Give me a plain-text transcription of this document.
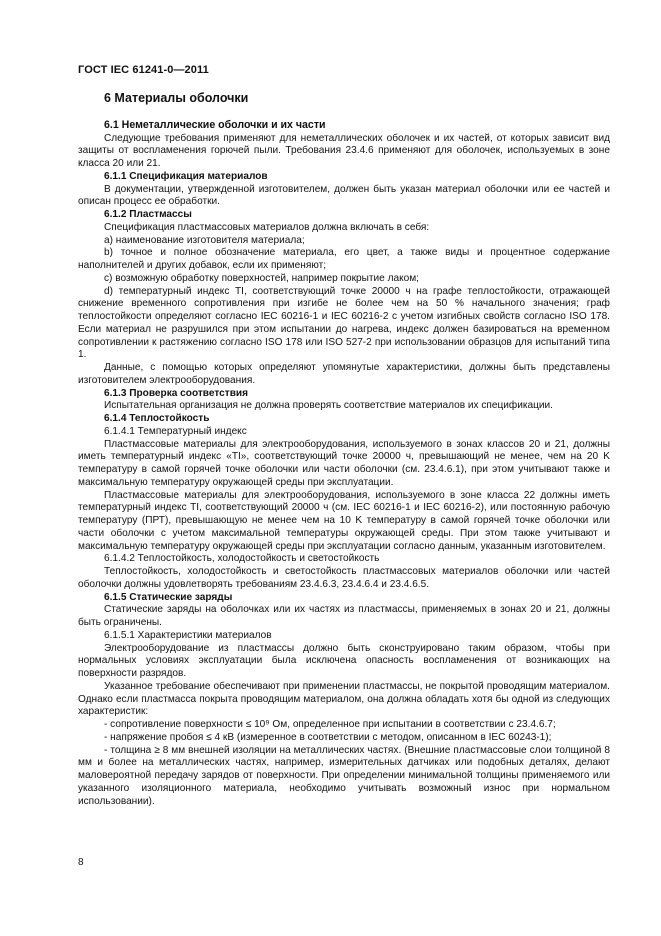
ГОСТ IEC 61241-0—2011
6 Материалы оболочки
6.1 Неметаллические оболочки и их части
Следующие требования применяют для неметаллических оболочек и их частей, от которых зависит вид защиты от воспламенения горючей пыли. Требования 23.4.6 применяют для оболочек, используемых в зоне класса 20 или 21.
6.1.1 Спецификация материалов
В документации, утвержденной изготовителем, должен быть указан материал оболочки или ее частей и описан процесс ее обработки.
6.1.2 Пластмассы
Спецификация пластмассовых материалов должна включать в себя:
a) наименование изготовителя материала;
b) точное и полное обозначение материала, его цвет, а также виды и процентное содержание наполнителей и других добавок, если их применяют;
c) возможную обработку поверхностей, например покрытие лаком;
d) температурный индекс TI, соответствующий точке 20000 ч на графе теплостойкости, отражающей снижение временного сопротивления при изгибе не более чем на 50 % начального значения; граф теплостойкости определяют согласно IEC 60216-1 и IEC 60216-2 с учетом изгибных свойств согласно ISO 178. Если материал не разрушился при этом испытании до нагрева, индекс должен базироваться на временном сопротивлении к растяжению согласно ISO 178 или ISO 527-2 при использовании образцов для испытаний типа 1.
Данные, с помощью которых определяют упомянутые характеристики, должны быть представлены изготовителем электрооборудования.
6.1.3 Проверка соответствия
Испытательная организация не должна проверять соответствие материалов их спецификации.
6.1.4 Теплостойкость
6.1.4.1 Температурный индекс
Пластмассовые материалы для электрооборудования, используемого в зонах классов 20 и 21, должны иметь температурный индекс «TI», соответствующий точке 20000 ч, превышающий не менее, чем на 20 K температуру в самой горячей точке оболочки или части оболочки (см. 23.4.6.1), при этом учитывают также и максимальную температуру окружающей среды при эксплуатации.
Пластмассовые материалы для электрооборудования, используемого в зоне класса 22 должны иметь температурный индекс TI, соответствующий 20000 ч (см. IEC 60216-1 и IEC 60216-2), или постоянную рабочую температуру (ПРТ), превышающую не менее чем на 10 K температуру в самой горячей точке оболочки или части оболочки с учетом максимальной температуры окружающей среды. При этом также учитывают и максимальную температуру окружающей среды при эксплуатации согласно данным, указанным изготовителем.
6.1.4.2 Теплостойкость, холодостойкость и светостойкость
Теплостойкость, холодостойкость и светостойкость пластмассовых материалов оболочки или частей оболочки должны удовлетворять требованиям 23.4.6.3, 23.4.6.4 и 23.4.6.5.
6.1.5 Статические заряды
Статические заряды на оболочках или их частях из пластмассы, применяемых в зонах 20 и 21, должны быть ограничены.
6.1.5.1 Характеристики материалов
Электрооборудование из пластмассы должно быть сконструировано таким образом, чтобы при нормальных условиях эксплуатации была исключена опасность воспламенения от возникающих на поверхности разрядов.
Указанное требование обеспечивают при применении пластмассы, не покрытой проводящим материалом. Однако если пластмасса покрыта проводящим материалом, она должна обладать хотя бы одной из следующих характеристик:
- сопротивление поверхности ≤ 10⁹ Ом, определенное при испытании в соответствии с 23.4.6.7;
- напряжение пробоя ≤ 4 кВ (измеренное в соответствии с методом, описанном в IEC 60243-1);
- толщина ≥ 8 мм внешней изоляции на металлических частях. (Внешние пластмассовые слои толщиной 8 мм и более на металлических частях, например, измерительных датчиках или подобных деталях, делают маловероятной передачу зарядов от поверхности. При определении минимальной толщины применяемого или указанного изоляционного материала, необходимо учитывать возможный износ при нормальном использовании).
8
